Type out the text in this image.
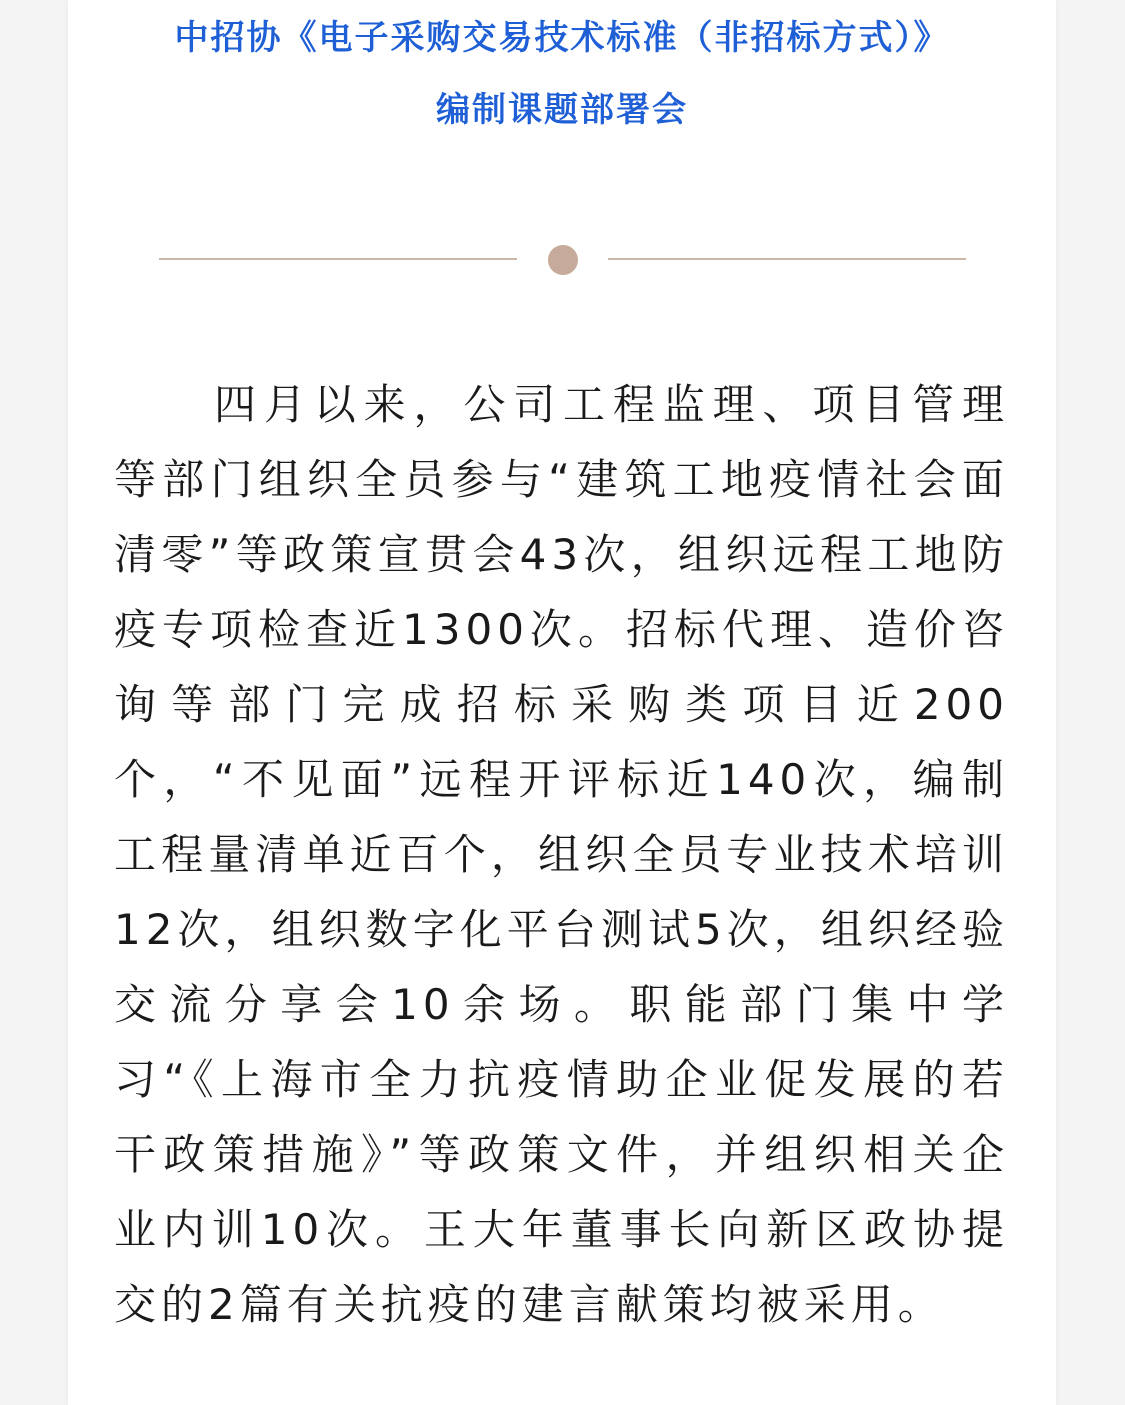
中招协《电子采购交易技术标准（非招标方式）》
编制课题部署会

四月以来，公司工程监理、项目管理等部门组织全员参与“建筑工地疫情社会面清零”等政策宣贯会43次，组织远程工地防疫专项检查近1300次。招标代理、造价咨询等部门完成招标采购类项目近200个，“不见面”远程开评标近140次，编制工程量清单近百个，组织全员专业技术培训12次，组织数字化平台测试5次，组织经验交流分享会10余场。职能部门集中学习“《上海市全力抗疫情助企业促发展的若干政策措施》”等政策文件，并组织相关企业内训10次。王大年董事长向新区政协提交的2篇有关抗疫的建言献策均被采用。
